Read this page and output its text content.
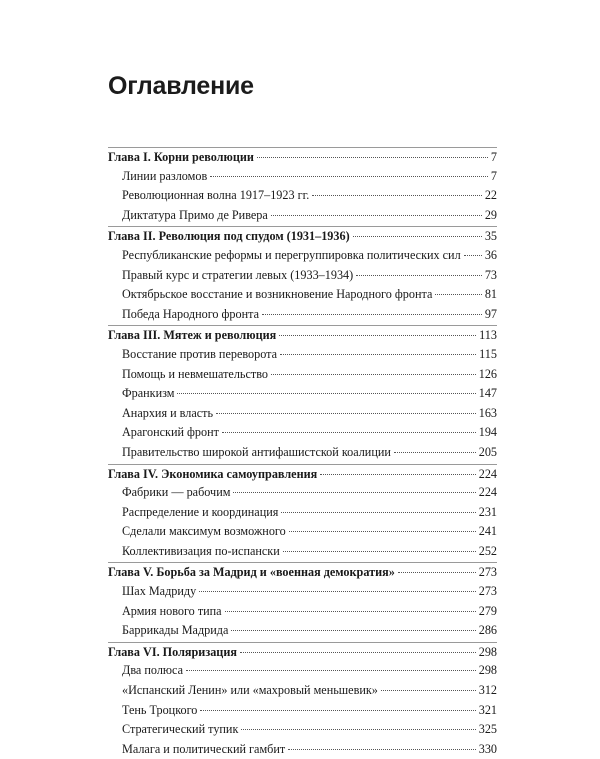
Оглавление
Глава I. Корни революции	7
Линии разломов	7
Революционная волна 1917–1923 гг.	22
Диктатура Примо де Ривера	29
Глава II. Революция под спудом (1931–1936)	35
Республиканские реформы и перегруппировка политических сил 36
Правый курс и стратегии левых (1933–1934)	73
Октябрьское восстание и возникновение Народного фронта	81
Победа Народного фронта	97
Глава III. Мятеж и революция	113
Восстание против переворота	115
Помощь и невмешательство	126
Франкизм	147
Анархия и власть	163
Арагонский фронт	194
Правительство широкой антифашистской коалиции	205
Глава IV. Экономика самоуправления	224
Фабрики — рабочим	224
Распределение и координация	231
Сделали максимум возможного	241
Коллективизация по-испански	252
Глава V. Борьба за Мадрид и «военная демократия»	273
Шах Мадриду	273
Армия нового типа	279
Баррикады Мадрида	286
Глава VI. Поляризация	298
Два полюса	298
«Испанский Ленин» или «махровый меньшевик»	312
Тень Троцкого	321
Стратегический тупик	325
Малага и политический гамбит	330
